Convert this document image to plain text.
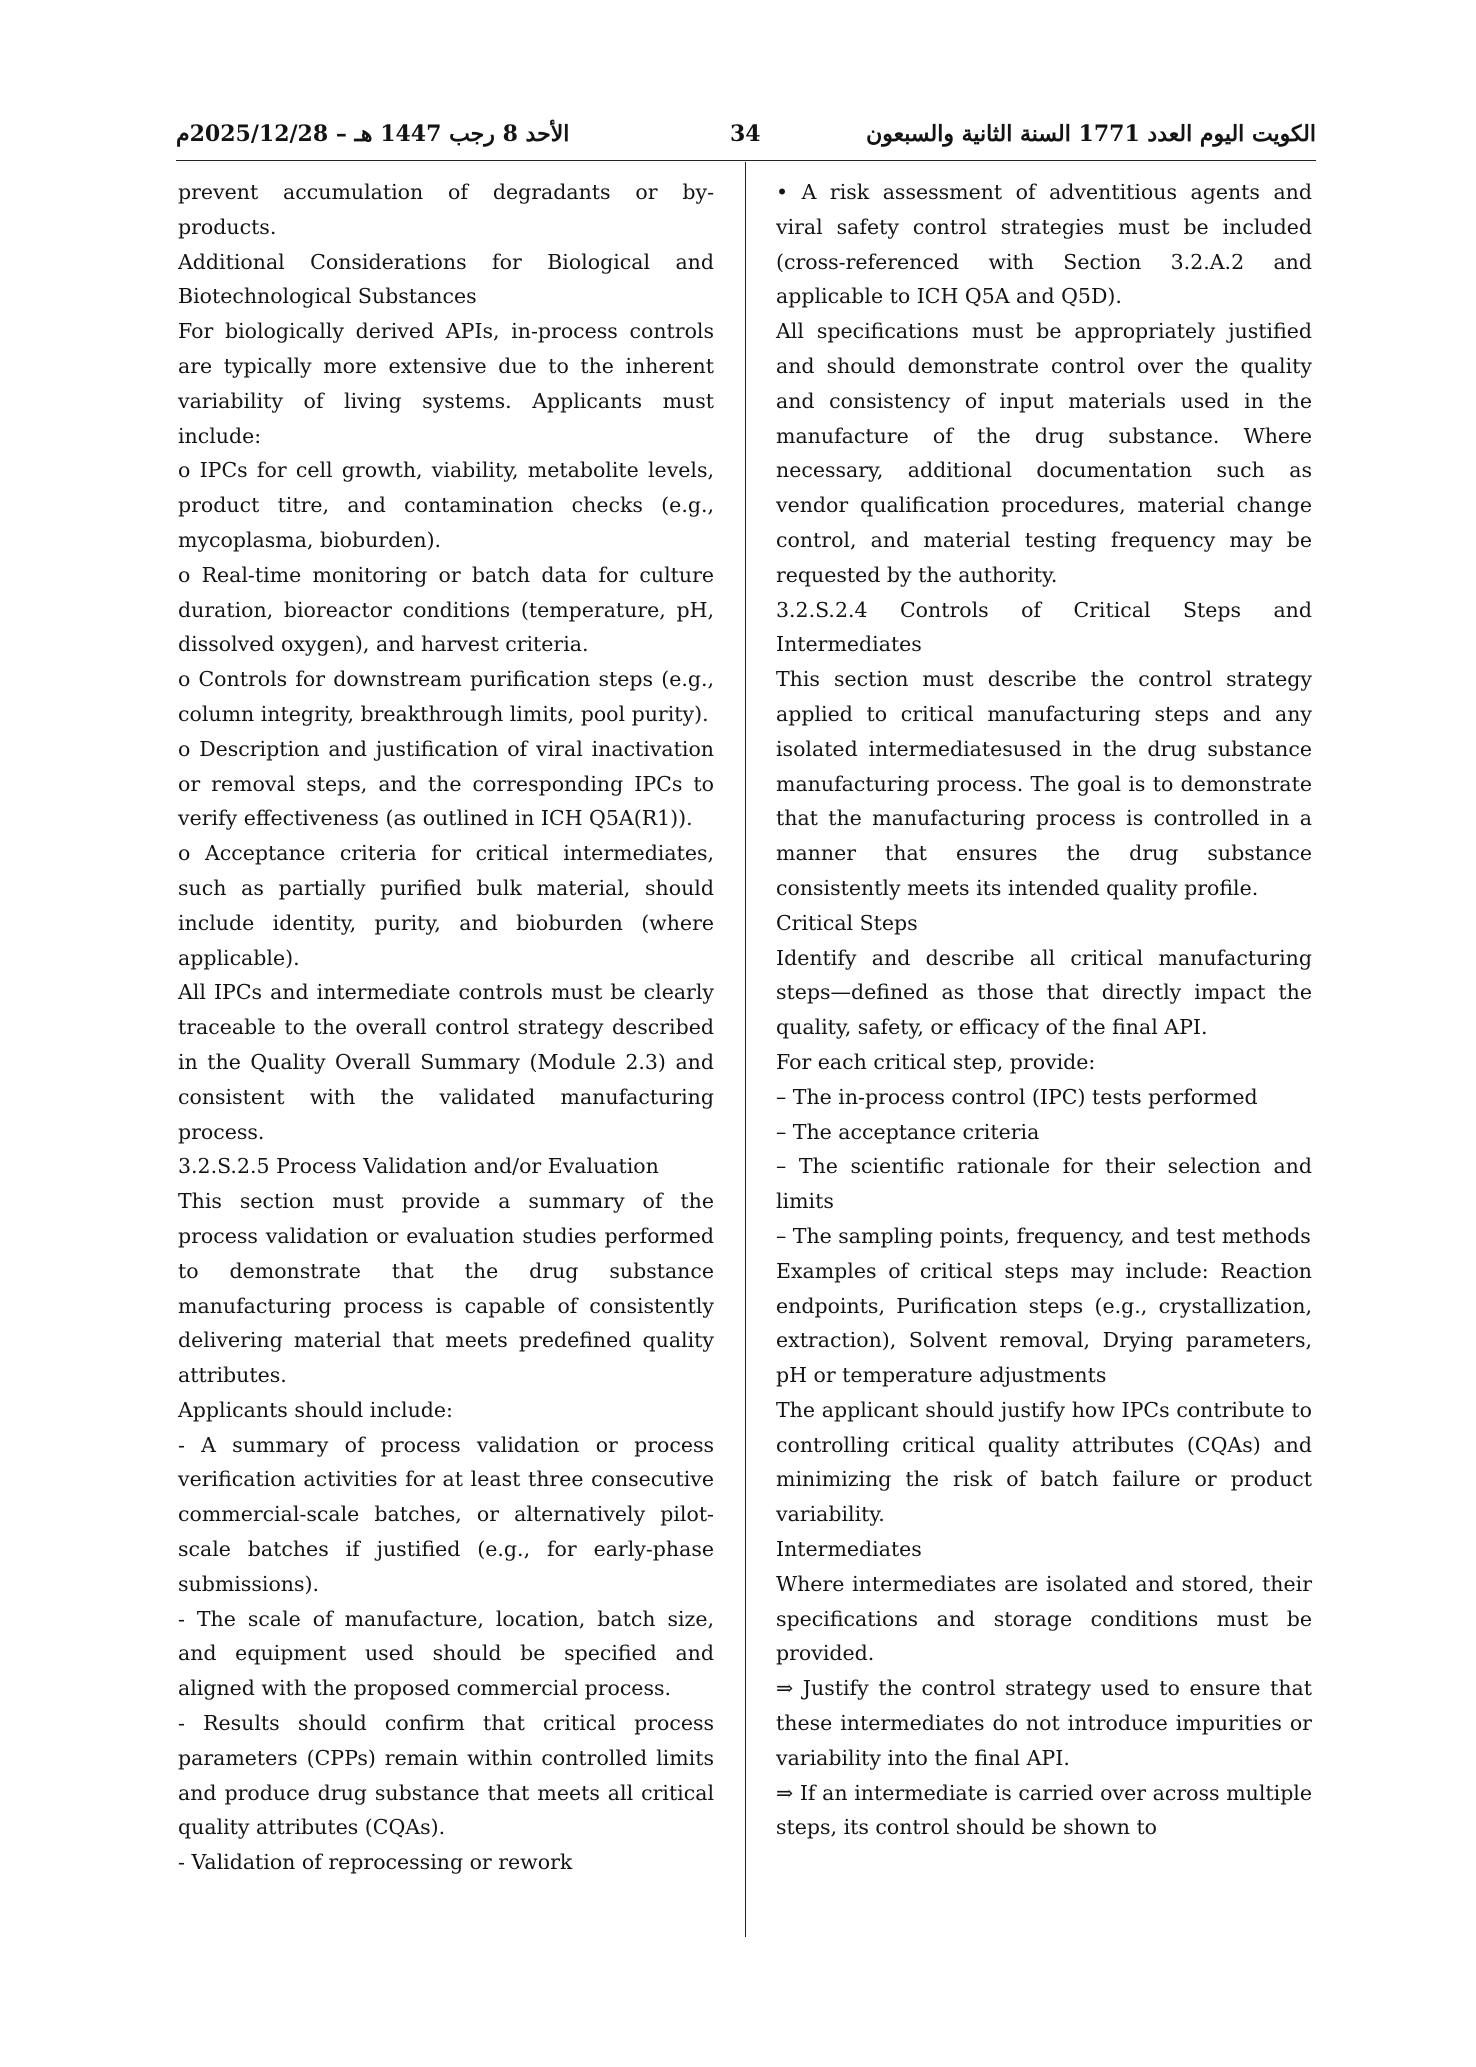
الأحد 8 رجب 1447 هـ – 2025/12/28م	34	الكويت اليوم العدد 1771 السنة الثانية والسبعون

prevent accumulation of degradants or by-products.

Additional Considerations for Biological and Biotechnological Substances

For biologically derived APIs, in-process controls are typically more extensive due to the inherent variability of living systems. Applicants must include:

o IPCs for cell growth, viability, metabolite levels, product titre, and contamination checks (e.g., mycoplasma, bioburden).

o Real-time monitoring or batch data for culture duration, bioreactor conditions (temperature, pH, dissolved oxygen), and harvest criteria.

o Controls for downstream purification steps (e.g., column integrity, breakthrough limits, pool purity).

o Description and justification of viral inactivation or removal steps, and the corresponding IPCs to verify effectiveness (as outlined in ICH Q5A(R1)).

o Acceptance criteria for critical intermediates, such as partially purified bulk material, should include identity, purity, and bioburden (where applicable).

All IPCs and intermediate controls must be clearly traceable to the overall control strategy described in the Quality Overall Summary (Module 2.3) and consistent with the validated manufacturing process.

3.2.S.2.5 Process Validation and/or Evaluation

This section must provide a summary of the process validation or evaluation studies performed to demonstrate that the drug substance manufacturing process is capable of consistently delivering material that meets predefined quality attributes.

Applicants should include:

- A summary of process validation or process verification activities for at least three consecutive commercial-scale batches, or alternatively pilot-scale batches if justified (e.g., for early-phase submissions).

- The scale of manufacture, location, batch size, and equipment used should be specified and aligned with the proposed commercial process.

- Results should confirm that critical process parameters (CPPs) remain within controlled limits and produce drug substance that meets all critical quality attributes (CQAs).

- Validation of reprocessing or rework

• A risk assessment of adventitious agents and viral safety control strategies must be included (cross-referenced with Section 3.2.A.2 and applicable to ICH Q5A and Q5D).

All specifications must be appropriately justified and should demonstrate control over the quality and consistency of input materials used in the manufacture of the drug substance. Where necessary, additional documentation such as vendor qualification procedures, material change control, and material testing frequency may be requested by the authority.

3.2.S.2.4 Controls of Critical Steps and Intermediates

This section must describe the control strategy applied to critical manufacturing steps and any isolated intermediatesused in the drug substance manufacturing process. The goal is to demonstrate that the manufacturing process is controlled in a manner that ensures the drug substance consistently meets its intended quality profile.

Critical Steps

Identify and describe all critical manufacturing steps—defined as those that directly impact the quality, safety, or efficacy of the final API.

For each critical step, provide:

– The in-process control (IPC) tests performed

– The acceptance criteria

– The scientific rationale for their selection and limits

– The sampling points, frequency, and test methods

Examples of critical steps may include: Reaction endpoints, Purification steps (e.g., crystallization, extraction), Solvent removal, Drying parameters, pH or temperature adjustments

The applicant should justify how IPCs contribute to controlling critical quality attributes (CQAs) and minimizing the risk of batch failure or product variability.

Intermediates

Where intermediates are isolated and stored, their specifications and storage conditions must be provided.

⇒ Justify the control strategy used to ensure that these intermediates do not introduce impurities or variability into the final API.

⇒ If an intermediate is carried over across multiple steps, its control should be shown to
